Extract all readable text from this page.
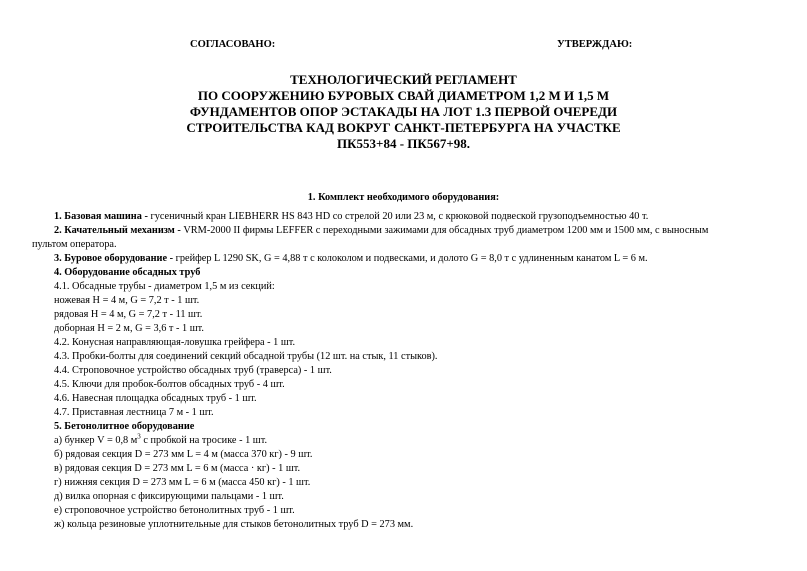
СОГЛАСОВАНО:	УТВЕРЖДАЮ:
ТЕХНОЛОГИЧЕСКИЙ РЕГЛАМЕНТ
ПО СООРУЖЕНИЮ БУРОВЫХ СВАЙ ДИАМЕТРОМ 1,2 М И 1,5 М
ФУНДАМЕНТОВ ОПОР ЭСТАКАДЫ НА ЛОТ 1.3 ПЕРВОЙ ОЧЕРЕДИ
СТРОИТЕЛЬСТВА КАД ВОКРУГ САНКТ-ПЕТЕРБУРГА НА УЧАСТКЕ
ПК553+84 - ПК567+98.
1. Комплект необходимого оборудования:
1. Базовая машина - гусеничный кран LIEBHERR HS 843 HD со стрелой 20 или 23 м, с крюковой подвеской грузоподъемностью 40 т.
2. Качательный механизм - VRM-2000 II фирмы LEFFER с переходными зажимами для обсадных труб диаметром 1200 мм и 1500 мм, с выносным
пультом оператора.
3. Буровое оборудование - грейфер L 1290 SK, G = 4,88 т с колоколом и подвесками, и долото G = 8,0 т с удлиненным канатом L = 6 м.
4. Оборудование обсадных труб
4.1. Обсадные трубы - диаметром 1,5 м из секций:
ножевая H = 4 м, G = 7,2 т - 1 шт.
рядовая H = 4 м, G = 7,2 т - 11 шт.
доборная H = 2 м, G = 3,6 т - 1 шт.
4.2. Конусная направляющая-ловушка грейфера - 1 шт.
4.3. Пробки-болты для соединений секций обсадной трубы (12 шт. на стык, 11 стыков).
4.4. Строповочное устройство обсадных труб (траверса) - 1 шт.
4.5. Ключи для пробок-болтов обсадных труб - 4 шт.
4.6. Навесная площадка обсадных труб - 1 шт.
4.7. Приставная лестница 7 м - 1 шт.
5. Бетонолитное оборудование
а) бункер V = 0,8 $м^3$ с пробкой на тросике - 1 шт.
б) рядовая секция D = 273 мм L = 4 м (масса 370 кг) - 9 шт.
в) рядовая секция D = 273 мм L = 6 м (масса · кг) - 1 шт.
г) нижняя секция D = 273 мм L = 6 м (масса 450 кг) - 1 шт.
д) вилка опорная с фиксирующими пальцами - 1 шт.
е) строповочное устройство бетонолитных труб - 1 шт.
ж) кольца резиновые уплотнительные для стыков бетонолитных труб D = 273 мм.
